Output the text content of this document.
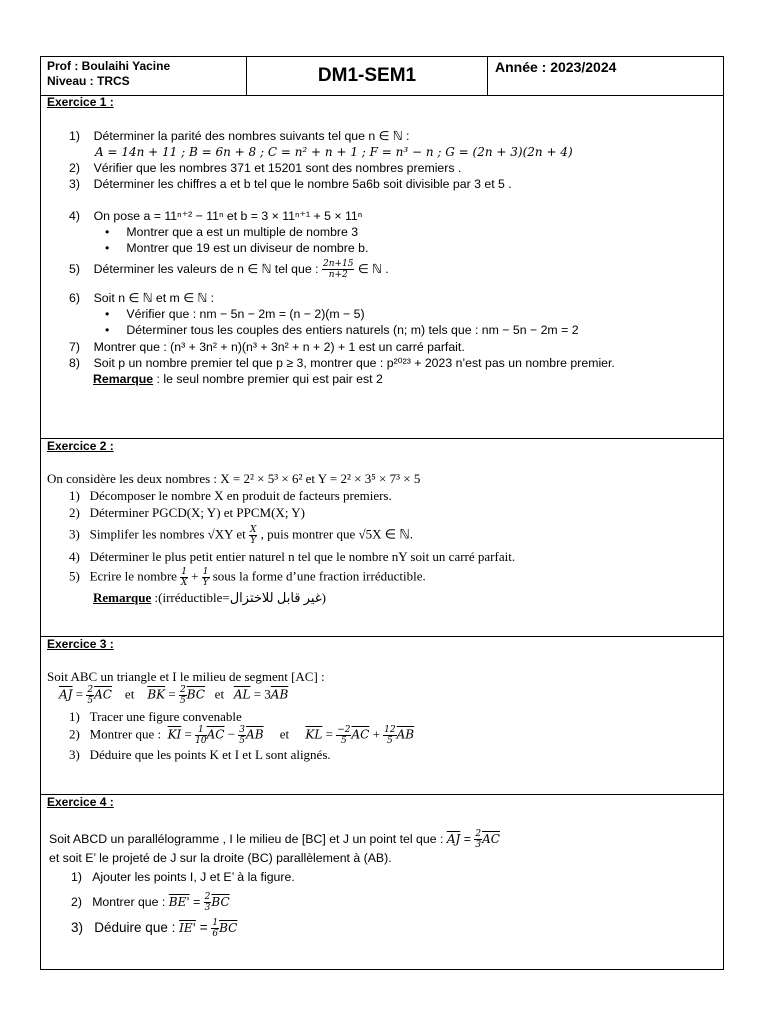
Prof : Boulaihi Yacine
Niveau : TRCS	DM1-SEM1	Année : 2023/2024
Exercice 1 :
1) Déterminer la parité des nombres suivants tel que n ∈ ℕ :
A = 14n + 11 ; B = 6n + 8 ; C = n² + n + 1 ; F = n³ − n ; G = (2n + 3)(2n + 4)
2) Vérifier que les nombres 371 et 15201 sont des nombres premiers .
3) Déterminer les chiffres a et b tel que le nombre 5a6b soit divisible par 3 et 5 .
4) On pose a = 11ⁿ⁺² − 11ⁿ et b = 3 × 11ⁿ⁺¹ + 5 × 11ⁿ
• Montrer que a est un multiple de nombre 3
• Montrer que 19 est un diviseur de nombre b.
5) Déterminer les valeurs de n ∈ ℕ tel que : $\frac{2n+15}{n+2}$ ∈ ℕ .
6) Soit n ∈ ℕ et m ∈ ℕ :
• Vérifier que : nm − 5n − 2m = (n − 2)(m − 5)
• Déterminer tous les couples des entiers naturels (n; m) tels que : nm − 5n − 2m = 2
7) Montrer que : (n³ + 3n² + n)(n³ + 3n² + n + 2) + 1 est un carré parfait.
8) Soit p un nombre premier tel que p ≥ 3, montrer que : p²⁰²³ + 2023 n’est pas un nombre premier.
Remarque : le seul nombre premier qui est pair est 2
Exercice 2 :
On considère les deux nombres : X = 2² × 5³ × 6² et Y = 2² × 3⁵ × 7³ × 5
1) Décomposer le nombre X en produit de facteurs premiers.
2) Déterminer PGCD(X; Y) et PPCM(X; Y)
3) Simplifer les nombres √XY et $\frac{X}{Y}$ , puis montrer que √5X ∈ ℕ.
4) Déterminer le plus petit entier naturel n tel que le nombre nY soit un carré parfait.
5) Ecrire le nombre $\frac{1}{X} + \frac{1}{Y}$ sous la forme d’une fraction irréductible.
Remarque :(irréductible=غير قابل للاختزال)
Exercice 3 :
Soit ABC un triangle et I le milieu de segment [AC] :
$\overline{AJ} = \frac{2}{5} \overline{AC}$ et $\overline{BK} = \frac{2}{5} \overline{BC}$ et $\overline{AL} = 3\overline{AB}$
1) Tracer une figure convenable
2) Montrer que : $\overline{KI} = \frac{1}{10} \overline{AC} - \frac{3}{5} \overline{AB}$ et $\overline{KL} = \frac{-2}{5} \overline{AC} + \frac{12}{5} \overline{AB}$
3) Déduire que les points K et I et L sont alignés.
Exercice 4 :
Soit ABCD un parallélogramme , I le milieu de [BC] et J un point tel que : $\overline{AJ} = \frac{2}{3} \overline{AC}$
et soit E’ le projeté de J sur la droite (BC) parallèlement à (AB).
1) Ajouter les points I, J et E’ à la figure.
2) Montrer que : $BE' = \frac{2}{3} \overline{BC}$
3) Déduire que : $IE' = \frac{1}{6} \overline{BC}$
